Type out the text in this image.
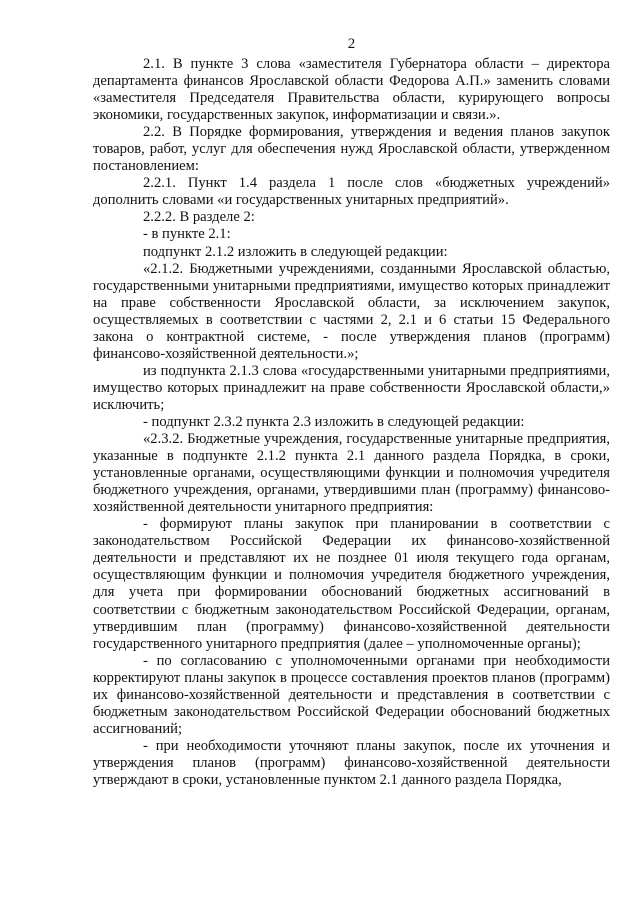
2

2.1. В пункте 3 слова «заместителя Губернатора области – директора департамента финансов Ярославской области Федорова А.П.» заменить словами «заместителя Председателя Правительства области, курирующего вопросы экономики, государственных закупок, информатизации и связи.».

2.2. В Порядке формирования, утверждения и ведения планов закупок товаров, работ, услуг для обеспечения нужд Ярославской области, утвержденном постановлением:

2.2.1. Пункт 1.4 раздела 1 после слов «бюджетных учреждений» дополнить словами «и государственных унитарных предприятий».

2.2.2. В разделе 2:

- в пункте 2.1:

подпункт 2.1.2 изложить в следующей редакции:

«2.1.2. Бюджетными учреждениями, созданными Ярославской областью, государственными унитарными предприятиями, имущество которых принадлежит на праве собственности Ярославской области, за исключением закупок, осуществляемых в соответствии с частями 2, 2.1 и 6 статьи 15 Федерального закона о контрактной системе, - после утверждения планов (программ) финансово-хозяйственной деятельности.»;

из подпункта 2.1.3 слова «государственными унитарными предприятиями, имущество которых принадлежит на праве собственности Ярославской области,» исключить;

- подпункт 2.3.2 пункта 2.3 изложить в следующей редакции:

«2.3.2. Бюджетные учреждения, государственные унитарные предприятия, указанные в подпункте 2.1.2 пункта 2.1 данного раздела Порядка, в сроки, установленные органами, осуществляющими функции и полномочия учредителя бюджетного учреждения, органами, утвердившими план (программу) финансово-хозяйственной деятельности унитарного предприятия:

- формируют планы закупок при планировании в соответствии с законодательством Российской Федерации их финансово-хозяйственной деятельности и представляют их не позднее 01 июля текущего года органам, осуществляющим функции и полномочия учредителя бюджетного учреждения, для учета при формировании обоснований бюджетных ассигнований в соответствии с бюджетным законодательством Российской Федерации, органам, утвердившим план (программу) финансово-хозяйственной деятельности государственного унитарного предприятия (далее – уполномоченные органы);

- по согласованию с уполномоченными органами при необходимости корректируют планы закупок в процессе составления проектов планов (программ) их финансово-хозяйственной деятельности и представления в соответствии с бюджетным законодательством Российской Федерации обоснований бюджетных ассигнований;

- при необходимости уточняют планы закупок, после их уточнения и утверждения планов (программ) финансово-хозяйственной деятельности утверждают в сроки, установленные пунктом 2.1 данного раздела Порядка,
